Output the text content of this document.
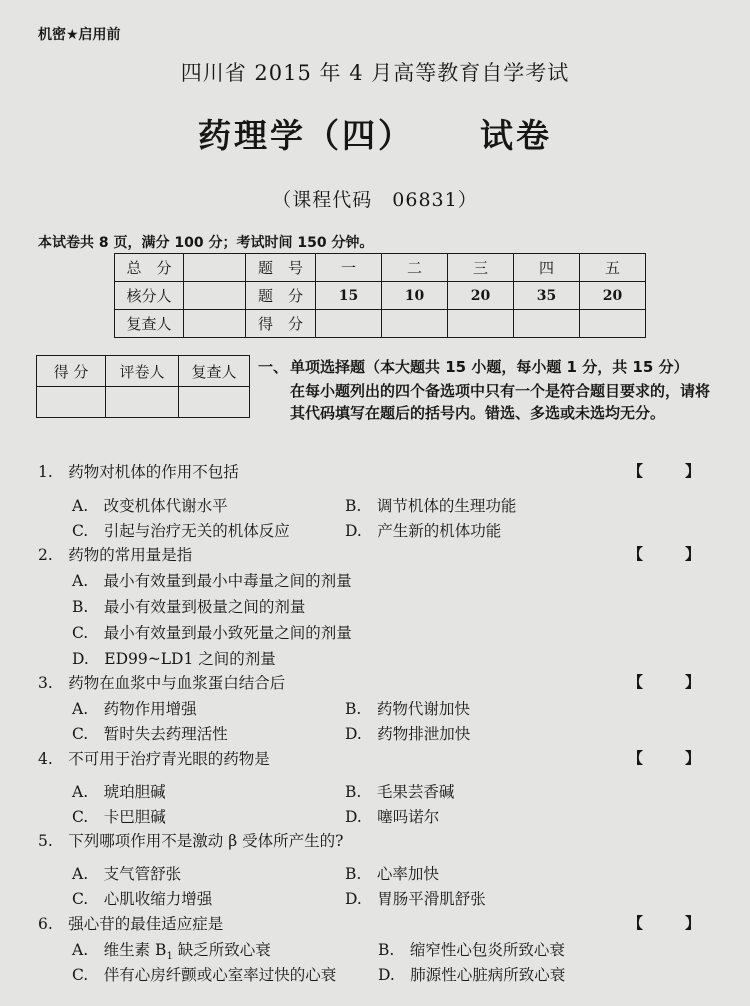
机密★启用前
四川省 2015 年 4 月高等教育自学考试
药理学（四） 试卷
（课程代码 06831）
本试卷共 8 页，满分 100 分；考试时间 150 分钟。
总　分		题　号	一	二	三	四	五
核分人		题　分	15	10	20	35	20
复查人		得　分					
得 分	评卷人	复查人
		一、 单项选择题（本大题共 15 小题，每小题 1 分，共 15 分）
在每小题列出的四个备选项中只有一个是符合题目要求的，请将其代码填写在题后的括号内。错选、多选或未选均无分。
1.　药物对机体的作用不包括	【	】
A.　改变机体代谢水平	B.　调节机体的生理功能
C.　引起与治疗无关的机体反应	D.　产生新的机体功能
2.　药物的常用量是指	【	】
A.　最小有效量到最小中毒量之间的剂量
B.　最小有效量到极量之间的剂量
C.　最小有效量到最小致死量之间的剂量
D.　ED99~LD1 之间的剂量
3.　药物在血浆中与血浆蛋白结合后	【	】
A.　药物作用增强	B.　药物代谢加快
C.　暂时失去药理活性	D.　药物排泄加快
4.　不可用于治疗青光眼的药物是	【	】
A.　琥珀胆碱	B.　毛果芸香碱
C.　卡巴胆碱	D.　噻吗诺尔
5.　下列哪项作用不是激动 β 受体所产生的?
A.　支气管舒张	B.　心率加快
C.　心肌收缩力增强	D.　胃肠平滑肌舒张
6.　强心苷的最佳适应症是	【	】
A.　维生素 $B_1$ 缺乏所致心衰	B.　缩窄性心包炎所致心衰
C.　伴有心房纤颤或心室率过快的心衰	D.　肺源性心脏病所致心衰
